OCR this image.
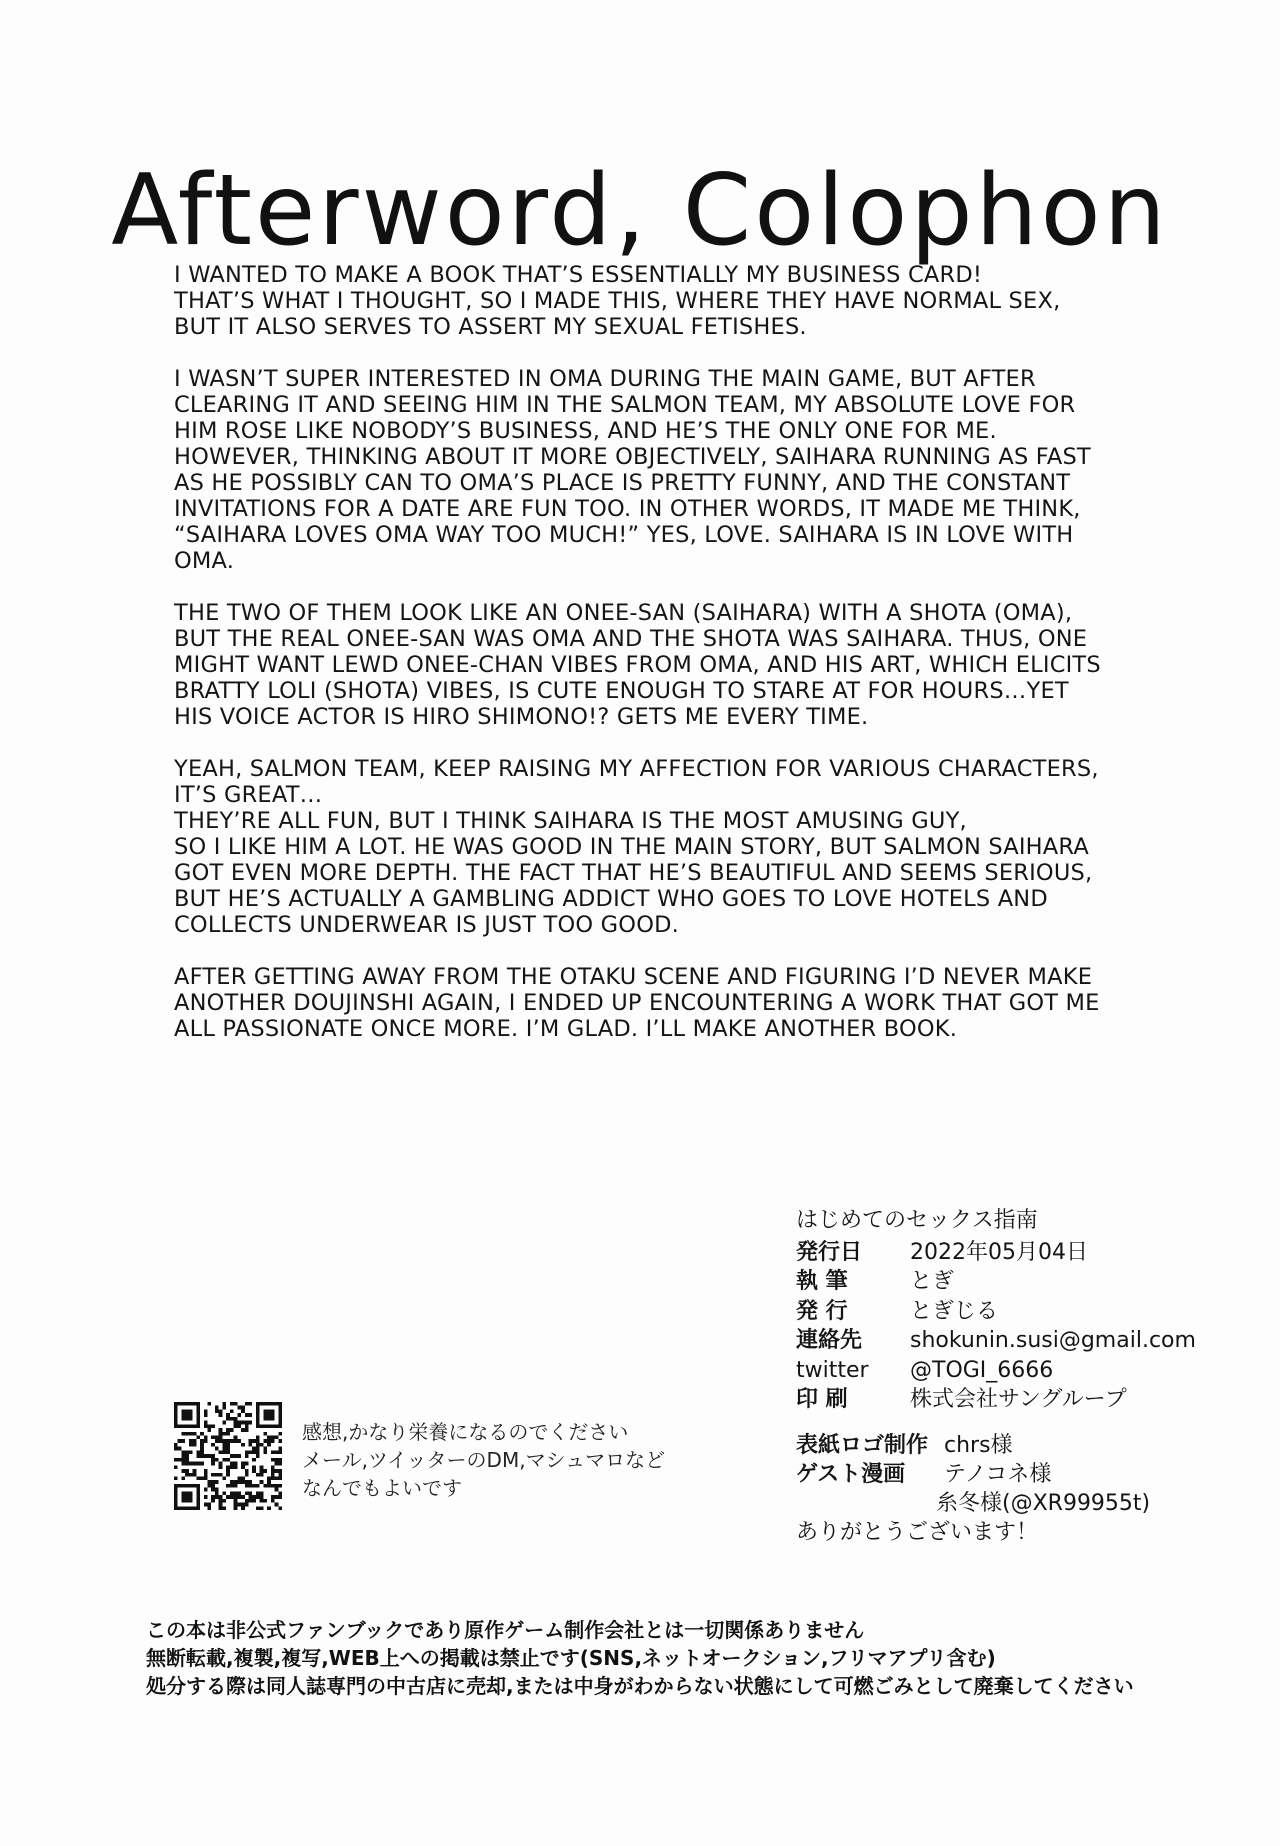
Afterword, Colophon

I WANTED TO MAKE A BOOK THAT’S ESSENTIALLY MY BUSINESS CARD!
THAT’S WHAT I THOUGHT, SO I MADE THIS, WHERE THEY HAVE NORMAL SEX,
BUT IT ALSO SERVES TO ASSERT MY SEXUAL FETISHES.

I WASN’T SUPER INTERESTED IN OMA DURING THE MAIN GAME, BUT AFTER
CLEARING IT AND SEEING HIM IN THE SALMON TEAM, MY ABSOLUTE LOVE FOR
HIM ROSE LIKE NOBODY’S BUSINESS, AND HE’S THE ONLY ONE FOR ME.
HOWEVER, THINKING ABOUT IT MORE OBJECTIVELY, SAIHARA RUNNING AS FAST
AS HE POSSIBLY CAN TO OMA’S PLACE IS PRETTY FUNNY, AND THE CONSTANT
INVITATIONS FOR A DATE ARE FUN TOO. IN OTHER WORDS, IT MADE ME THINK,
“SAIHARA LOVES OMA WAY TOO MUCH!” YES, LOVE. SAIHARA IS IN LOVE WITH
OMA.

THE TWO OF THEM LOOK LIKE AN ONEE-SAN (SAIHARA) WITH A SHOTA (OMA),
BUT THE REAL ONEE-SAN WAS OMA AND THE SHOTA WAS SAIHARA. THUS, ONE
MIGHT WANT LEWD ONEE-CHAN VIBES FROM OMA, AND HIS ART, WHICH ELICITS
BRATTY LOLI (SHOTA) VIBES, IS CUTE ENOUGH TO STARE AT FOR HOURS…YET
HIS VOICE ACTOR IS HIRO SHIMONO!? GETS ME EVERY TIME.

YEAH, SALMON TEAM, KEEP RAISING MY AFFECTION FOR VARIOUS CHARACTERS,
IT’S GREAT…
THEY’RE ALL FUN, BUT I THINK SAIHARA IS THE MOST AMUSING GUY,
SO I LIKE HIM A LOT. HE WAS GOOD IN THE MAIN STORY, BUT SALMON SAIHARA
GOT EVEN MORE DEPTH. THE FACT THAT HE’S BEAUTIFUL AND SEEMS SERIOUS,
BUT HE’S ACTUALLY A GAMBLING ADDICT WHO GOES TO LOVE HOTELS AND
COLLECTS UNDERWEAR IS JUST TOO GOOD.

AFTER GETTING AWAY FROM THE OTAKU SCENE AND FIGURING I’D NEVER MAKE
ANOTHER DOUJINSHI AGAIN, I ENDED UP ENCOUNTERING A WORK THAT GOT ME
ALL PASSIONATE ONCE MORE. I’M GLAD. I’LL MAKE ANOTHER BOOK.

はじめてのセックス指南
発行日	2022年05月04日
執 筆	とぎ
発 行	とぎじる
連絡先	shokunin.susi@gmail.com
twitter	@TOGI_6666
印 刷	株式会社サングループ
表紙ロゴ制作	chrs様
ゲスト漫画	テノコネ様
糸冬様(@XR99955t)
ありがとうございます！
感想,かなり栄養になるのでください
メール,ツイッターのDM,マシュマロなど
なんでもよいです
この本は非公式ファンブックであり原作ゲーム制作会社とは一切関係ありません
無断転載,複製,複写,WEB上への掲載は禁止です(SNS,ネットオークション,フリマアプリ含む)
処分する際は同人誌専門の中古店に売却,または中身がわからない状態にして可燃ごみとして廃棄してください
